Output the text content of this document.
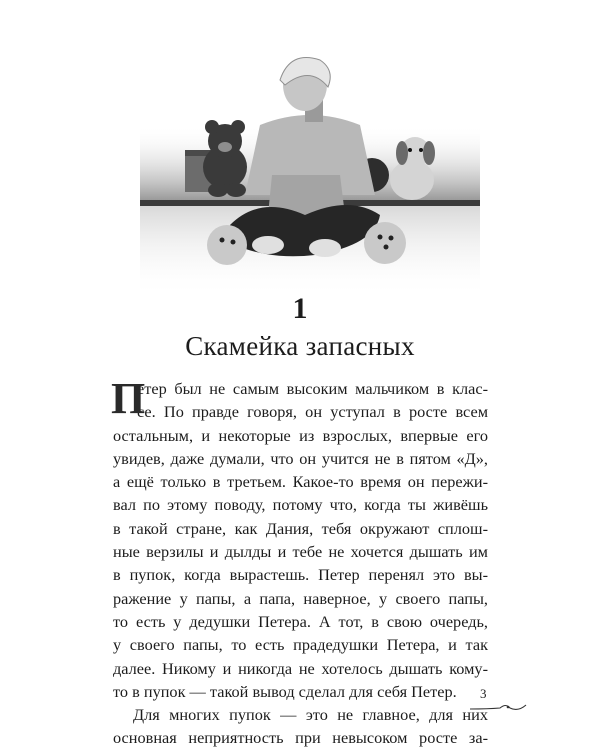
1
Скамейка запасных
П
етер был не самым высоким мальчиком в клас-
се. По правде говоря, он уступал в росте всем
остальным, и некоторые из взрослых, впервые его
увидев, даже думали, что он учится не в пятом «Д»,
а ещё только в третьем. Какое-то время он пережи-
вал по этому поводу, потому что, когда ты живёшь
в такой стране, как Дания, тебя окружают сплош-
ные верзилы и дылды и тебе не хочется дышать им
в пупок, когда вырастешь. Петер перенял это вы-
ражение у папы, а папа, наверное, у своего папы,
то есть у дедушки Петера. А тот, в свою очередь,
у своего папы, то есть прадедушки Петера, и так
далее. Никому и никогда не хотелось дышать кому-
то в пупок — такой вывод сделал для себя Петер.
Для многих пупок — это не главное, для них
основная неприятность при невысоком росте за-
3
